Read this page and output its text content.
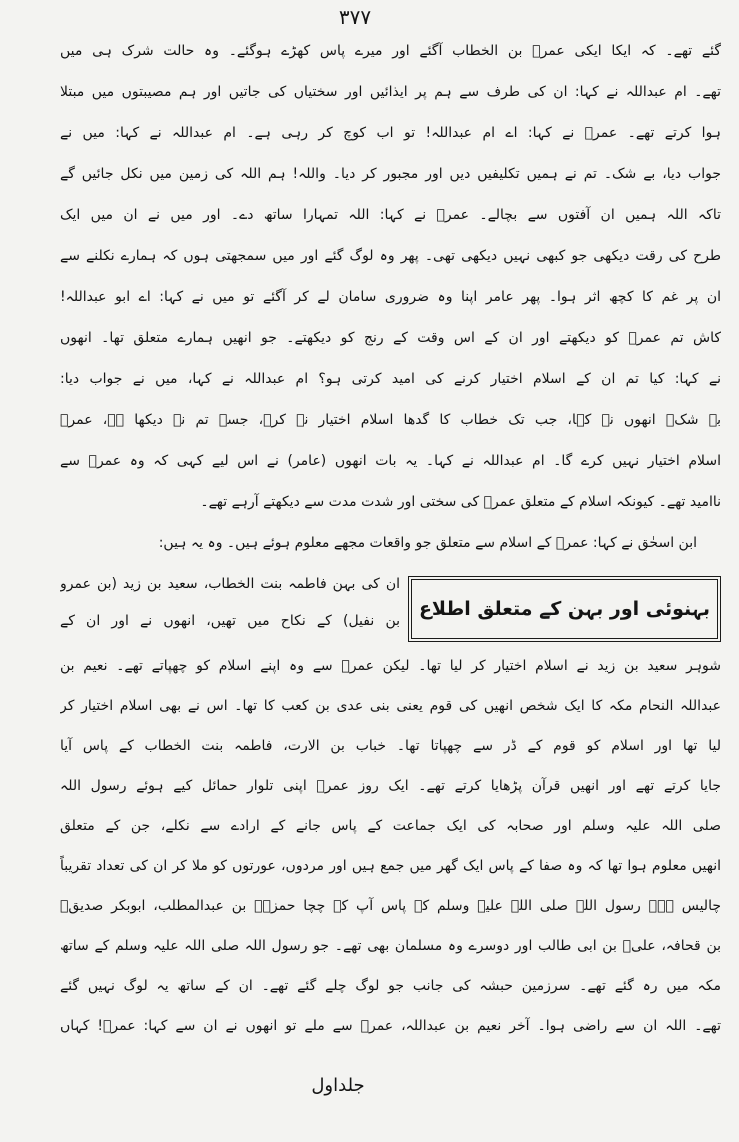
۳۷۷
گئے تھے۔ کہ ایکا ایکی عمرؓ بن الخطاب آگئے اور میرے پاس کھڑے ہوگئے۔ وہ حالت شرک ہی میں
تھے۔ ام عبداللہ نے کہا: ان کی طرف سے ہم پر ایذائیں اور سختیاں کی جاتیں اور ہم مصیبتوں میں مبتلا
ہوا کرتے تھے۔ عمرؓ نے کہا: اے ام عبداللہ! تو اب کوچ کر رہی ہے۔ ام عبداللہ نے کہا: میں نے
جواب دیا، بے شک۔ تم نے ہمیں تکلیفیں دیں اور مجبور کر دیا۔ واللہ! ہم اللہ کی زمین میں نکل جائیں گے
تاکہ اللہ ہمیں ان آفتوں سے بچالے۔ عمرؓ نے کہا: اللہ تمہارا ساتھ دے۔ اور میں نے ان میں ایک
طرح کی رقت دیکھی جو کبھی نہیں دیکھی تھی۔ پھر وہ لوگ گئے اور میں سمجھتی ہوں کہ ہمارے نکلنے سے
ان پر غم کا کچھ اثر ہوا۔ پھر عامر اپنا وہ ضروری سامان لے کر آگئے تو میں نے کہا: اے ابو عبداللہ!
کاش تم عمرؓ کو دیکھتے اور ان کے اس وقت کے رنج کو دیکھتے۔ جو انھیں ہمارے متعلق تھا۔ انھوں
نے کہا: کیا تم ان کے اسلام اختیار کرنے کی امید کرتی ہو؟ ام عبداللہ نے کہا، میں نے جواب دیا:
بے شک۔ انھوں نے کہا، جب تک خطاب کا گدھا اسلام اختیار نہ کرے، جسے تم نے دیکھا ہے، عمرؓ
اسلام اختیار نہیں کرے گا۔ ام عبداللہ نے کہا۔ یہ بات انھوں (عامر) نے اس لیے کہی کہ وہ عمرؓ سے
ناامید تھے۔ کیونکہ اسلام کے متعلق عمرؓ کی سختی اور شدت مدت سے دیکھتے آرہے تھے۔
ابن اسحٰق نے کہا: عمرؓ کے اسلام سے متعلق جو واقعات مجھے معلوم ہوئے ہیں۔ وہ یہ ہیں:
بہنوئی اور بہن کے متعلق اطلاع
ان کی بہن فاطمہ بنت الخطاب، سعید بن زید (بن عمرو
بن نفیل) کے نکاح میں تھیں، انھوں نے اور ان کے
شوہر سعید بن زید نے اسلام اختیار کر لیا تھا۔ لیکن عمرؓ سے وہ اپنے اسلام کو چھپاتے تھے۔ نعیم بن
عبداللہ النحام مکہ کا ایک شخص انھیں کی قوم یعنی بنی عدی بن کعب کا تھا۔ اس نے بھی اسلام اختیار کر
لیا تھا اور اسلام کو قوم کے ڈر سے چھپاتا تھا۔ خباب بن الارت، فاطمہ بنت الخطاب کے پاس آیا
جایا کرتے تھے اور انھیں قرآن پڑھایا کرتے تھے۔ ایک روز عمرؓ اپنی تلوار حمائل کیے ہوئے رسول اللہ
صلی اللہ علیہ وسلم اور صحابہ کی ایک جماعت کے پاس جانے کے ارادے سے نکلے، جن کے متعلق
انھیں معلوم ہوا تھا کہ وہ صفا کے پاس ایک گھر میں جمع ہیں اور مردوں، عورتوں کو ملا کر ان کی تعداد تقریباً
چالیس ہے۔ رسول اللہ صلی اللہ علیہ وسلم کے پاس آپ کے چچا حمزہؓ بن عبدالمطلب، ابوبکر صدیقؓ
بن قحافہ، علیؓ بن ابی طالب اور دوسرے وہ مسلمان بھی تھے۔ جو رسول اللہ صلی اللہ علیہ وسلم کے ساتھ
مکہ میں رہ گئے تھے۔ سرزمین حبشہ کی جانب جو لوگ چلے گئے تھے۔ ان کے ساتھ یہ لوگ نہیں گئے
تھے۔ اللہ ان سے راضی ہوا۔ آخر نعیم بن عبداللہ، عمرؓ سے ملے تو انھوں نے ان سے کہا: عمرؓ! کہاں
جلداول
